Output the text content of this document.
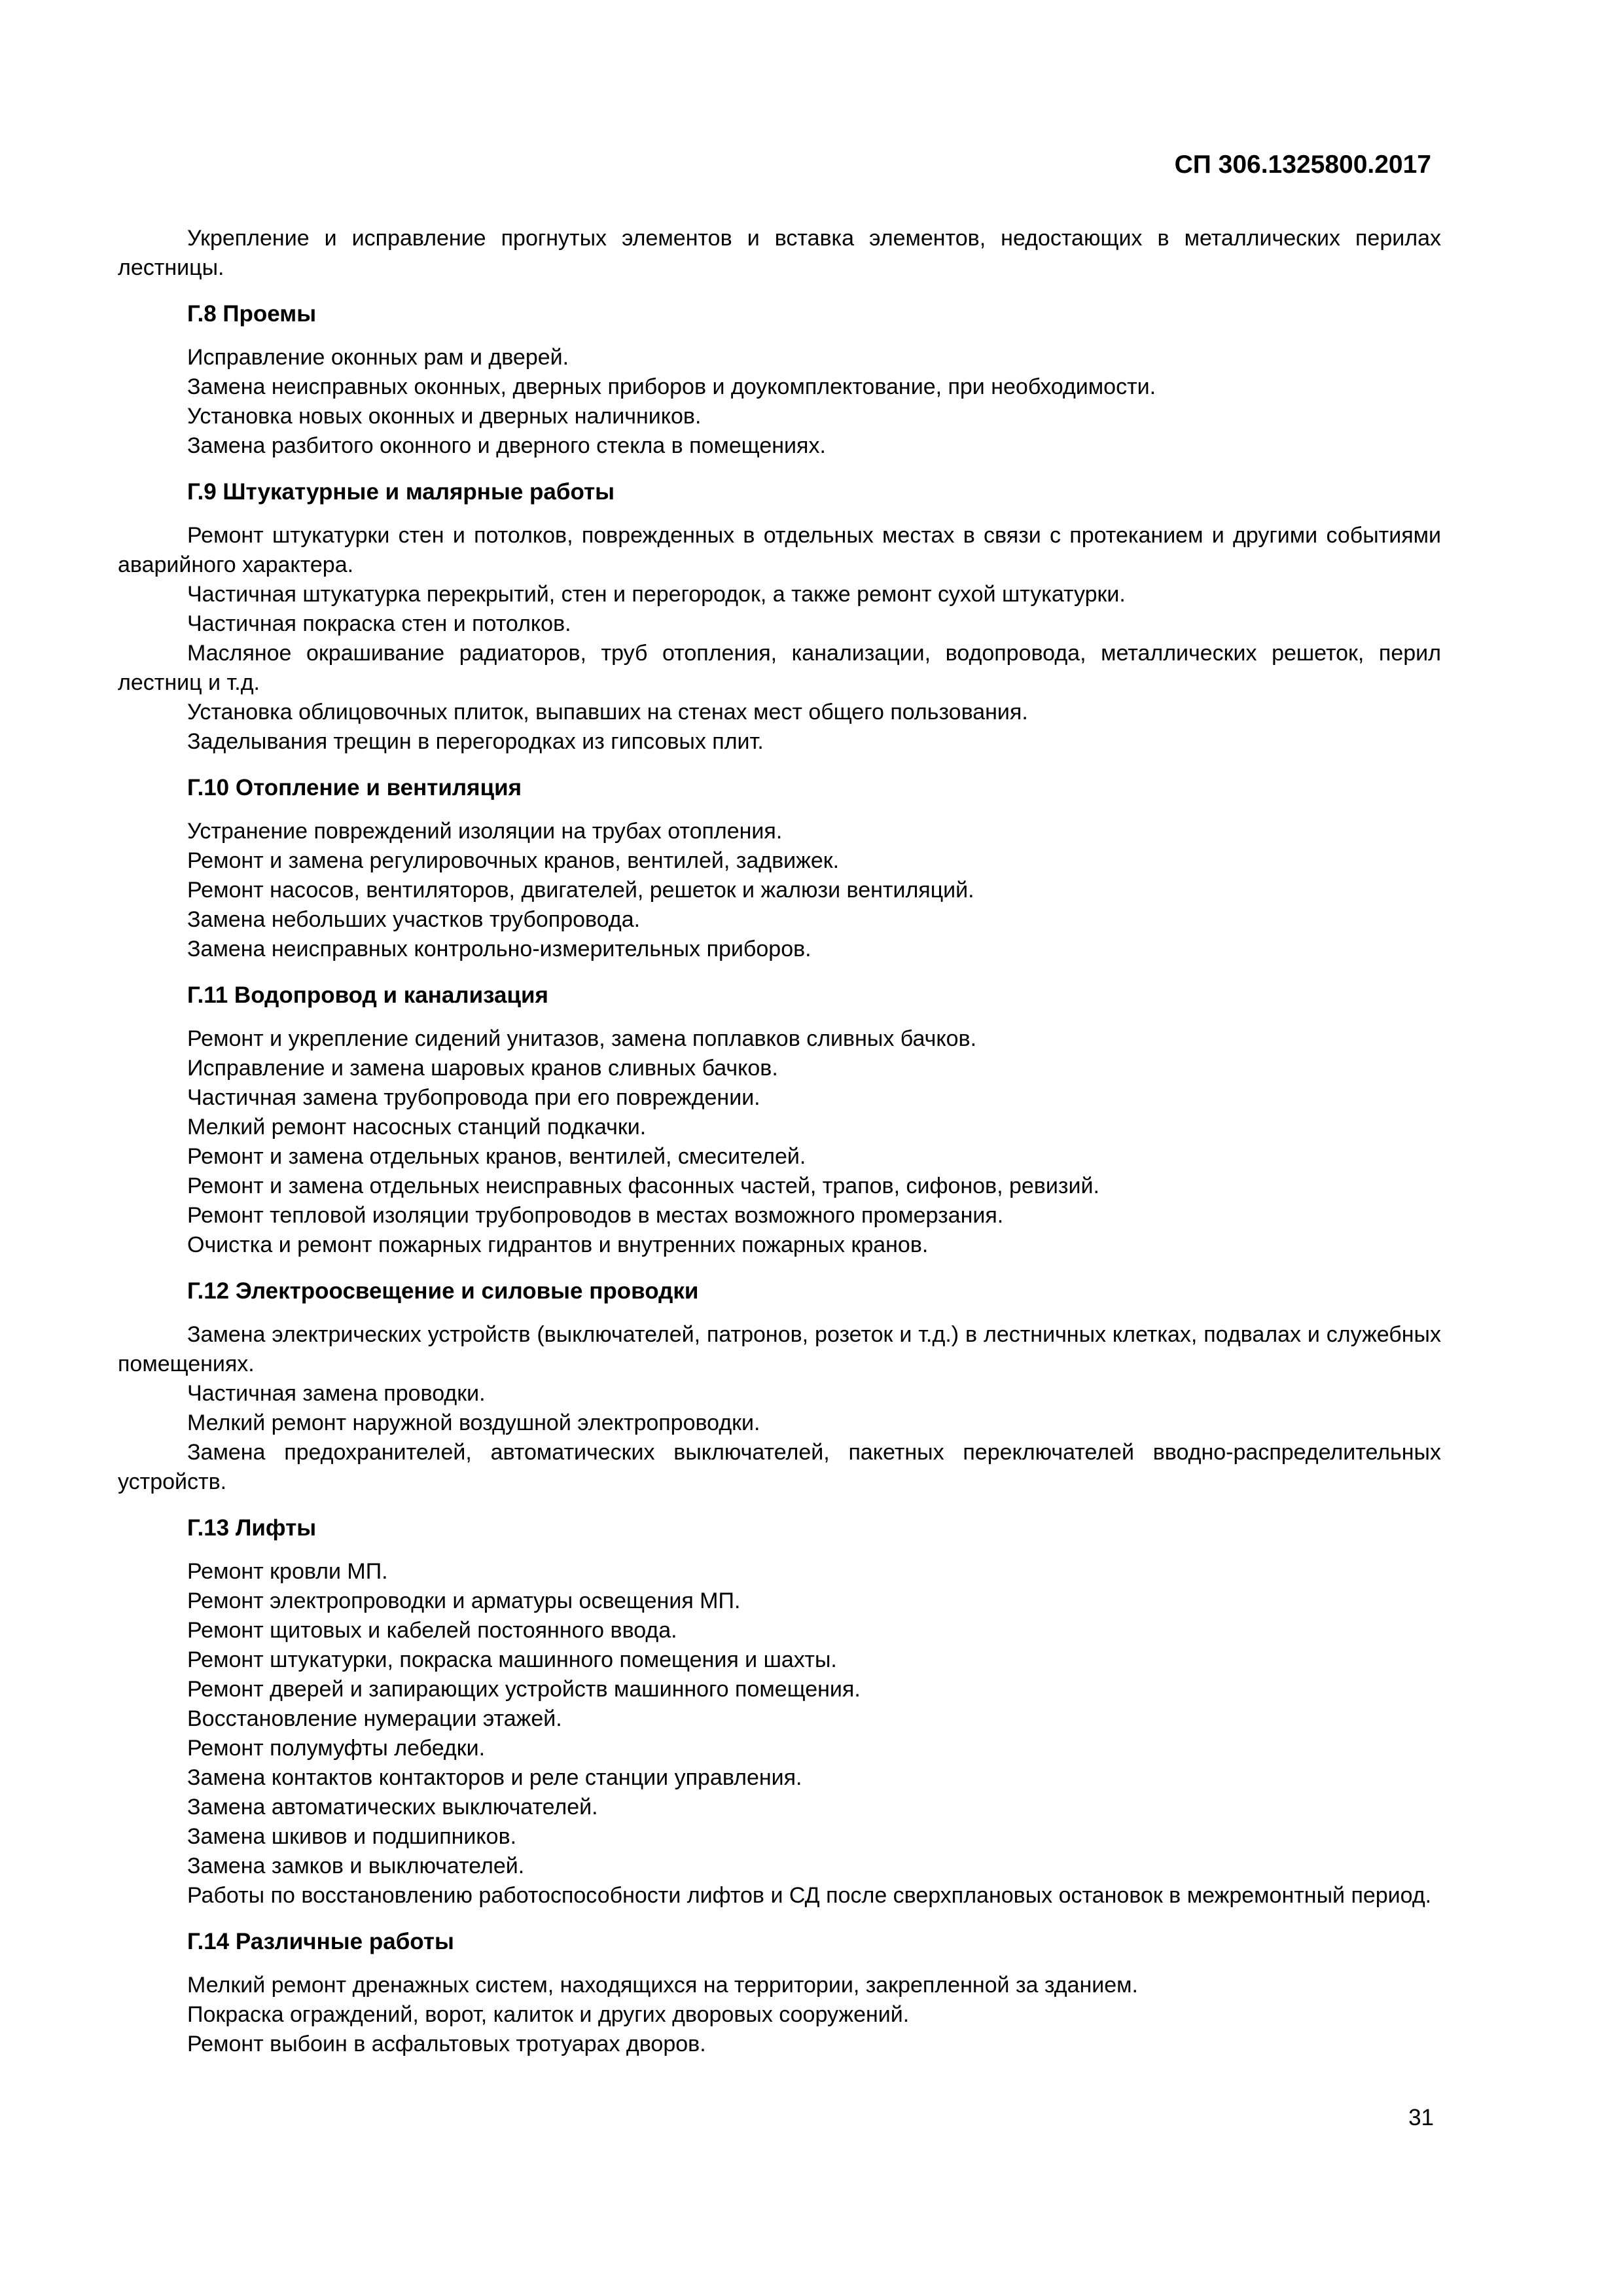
СП 306.1325800.2017

Укрепление и исправление прогнутых элементов и вставка элементов, недостающих в металлических перилах лестницы.

Г.8 Проемы

Исправление оконных рам и дверей.

Замена неисправных оконных, дверных приборов и доукомплектование, при необходимости.

Установка новых оконных и дверных наличников.

Замена разбитого оконного и дверного стекла в помещениях.

Г.9 Штукатурные и малярные работы

Ремонт штукатурки стен и потолков, поврежденных в отдельных местах в связи с протеканием и другими событиями аварийного характера.

Частичная штукатурка перекрытий, стен и перегородок, а также ремонт сухой штукатурки.

Частичная покраска стен и потолков.

Масляное окрашивание радиаторов, труб отопления, канализации, водопровода, металлических решеток, перил лестниц и т.д.

Установка облицовочных плиток, выпавших на стенах мест общего пользования.

Заделывания трещин в перегородках из гипсовых плит.

Г.10 Отопление и вентиляция

Устранение повреждений изоляции на трубах отопления.

Ремонт и замена регулировочных кранов, вентилей, задвижек.

Ремонт насосов, вентиляторов, двигателей, решеток и жалюзи вентиляций.

Замена небольших участков трубопровода.

Замена неисправных контрольно-измерительных приборов.

Г.11 Водопровод и канализация

Ремонт и укрепление сидений унитазов, замена поплавков сливных бачков.

Исправление и замена шаровых кранов сливных бачков.

Частичная замена трубопровода при его повреждении.

Мелкий ремонт насосных станций подкачки.

Ремонт и замена отдельных кранов, вентилей, смесителей.

Ремонт и замена отдельных неисправных фасонных частей, трапов, сифонов, ревизий.

Ремонт тепловой изоляции трубопроводов в местах возможного промерзания.

Очистка и ремонт пожарных гидрантов и внутренних пожарных кранов.

Г.12 Электроосвещение и силовые проводки

Замена электрических устройств (выключателей, патронов, розеток и т.д.) в лестничных клетках, подвалах и служебных помещениях.

Частичная замена проводки.

Мелкий ремонт наружной воздушной электропроводки.

Замена предохранителей, автоматических выключателей, пакетных переключателей вводно-распределительных устройств.

Г.13 Лифты

Ремонт кровли МП.

Ремонт электропроводки и арматуры освещения МП.

Ремонт щитовых и кабелей постоянного ввода.

Ремонт штукатурки, покраска машинного помещения и шахты.

Ремонт дверей и запирающих устройств машинного помещения.

Восстановление нумерации этажей.

Ремонт полумуфты лебедки.

Замена контактов контакторов и реле станции управления.

Замена автоматических выключателей.

Замена шкивов и подшипников.

Замена замков и выключателей.

Работы по восстановлению работоспособности лифтов и СД после сверхплановых остановок в межремонтный период.

Г.14 Различные работы

Мелкий ремонт дренажных систем, находящихся на территории, закрепленной за зданием.

Покраска ограждений, ворот, калиток и других дворовых сооружений.

Ремонт выбоин в асфальтовых тротуарах дворов.

31
